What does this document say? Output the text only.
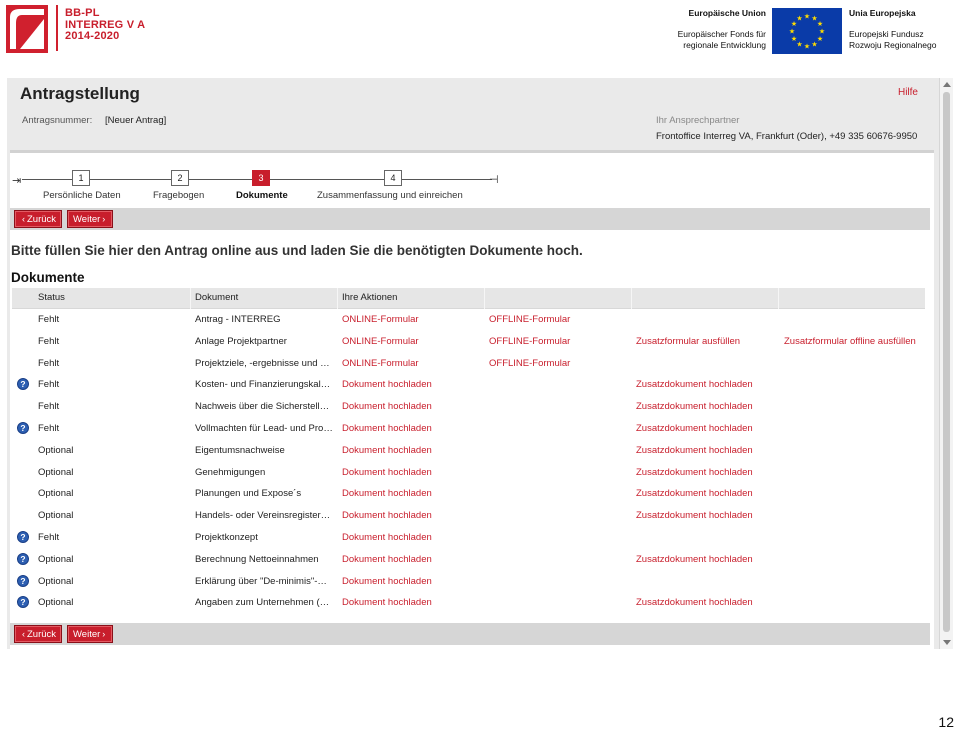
BB-PL
INTERREG V A
2014-2020
Europäische Union
Europäischer Fonds für
regionale Entwicklung
★
★
★
★
★
★
★
★
★ ★ ★
★
Unia Europejska
Europejski Fundusz
Rozwoju Regionalnego
Antragstellung	Hilfe
Antragsnummer: [Neuer Antrag]	Ihr Ansprechpartner
Frontoffice Interreg VA, Frankfurt (Oder), +49 335 60676-9950
⇥	⊣
1
Persönliche Daten
2
Fragebogen
3
Dokumente
4
Zusammenfassung und einreichen
‹ Zurück	Weiter ›
Bitte füllen Sie hier den Antrag online aus und laden Sie die benötigten Dokumente hoch.
Dokumente
Status	Dokument	Ihre Aktionen
Fehlt	Antrag - INTERREG	ONLINE-Formular	OFFLINE-Formular
Fehlt	Anlage Projektpartner	ONLINE-Formular	OFFLINE-Formular	Zusatzformular ausfüllen	Zusatzformular offline ausfüllen
Fehlt	Projektziele, -ergebnisse und …	ONLINE-Formular	OFFLINE-Formular
?	Fehlt	Kosten- und Finanzierungskal…	Dokument hochladen	Zusatzdokument hochladen
Fehlt	Nachweis über die Sicherstell…	Dokument hochladen	Zusatzdokument hochladen
?	Fehlt	Vollmachten für Lead- und Pro… Dokument hochladen	Zusatzdokument hochladen
Optional	Eigentumsnachweise	Dokument hochladen	Zusatzdokument hochladen
Optional	Genehmigungen	Dokument hochladen	Zusatzdokument hochladen
Optional	Planungen und Expose´s	Dokument hochladen	Zusatzdokument hochladen
Optional	Handels- oder Vereinsregister…	Dokument hochladen	Zusatzdokument hochladen
?	Fehlt	Projektkonzept	Dokument hochladen
?	Optional	Berechnung Nettoeinnahmen	Dokument hochladen	Zusatzdokument hochladen
?	Optional	Erklärung über "De-minimis"-…	Dokument hochladen
?	Optional	Angaben zum Unternehmen (…	Dokument hochladen	Zusatzdokument hochladen
‹ Zurück	Weiter ›
12
